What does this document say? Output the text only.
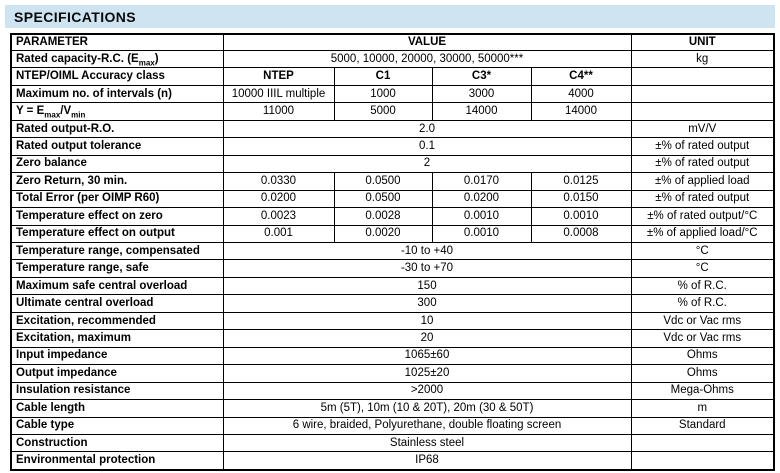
SPECIFICATIONS
PARAMETER	VALUE				UNIT
Rated capacity-R.C. $(E_{max})$	5000, 10000, 20000, 30000, 50000***				kg
NTEP/OIML Accuracy class	NTEP	C1	C3*	C4**	
Maximum no. of intervals (n)	10000 IIIL multiple	1000	3000	4000	
$Y = E_{max}/V_{min}$	11000	5000	14000	14000	
Rated output-R.O.	2.0				mV/V
Rated output tolerance	0.1				±% of rated output
Zero balance	2				±% of rated output
Zero Return, 30 min.	0.0330	0.0500	0.0170	0.0125	±% of applied load
Total Error (per OIMP R60)	0.0200	0.0500	0.0200	0.0150	±% of rated output
Temperature effect on zero	0.0023	0.0028	0.0010	0.0010	±% of rated output/°C
Temperature effect on output	0.001	0.0020	0.0010	0.0008	±% of applied load/°C
Temperature range, compensated	-10 to +40				°C
Temperature range, safe	-30 to +70				°C
Maximum safe central overload	150				% of R.C.
Ultimate central overload	300				% of R.C.
Excitation, recommended	10				Vdc or Vac rms
Excitation, maximum	20				Vdc or Vac rms
Input impedance	1065±60				Ohms
Output impedance	1025±20				Ohms
Insulation resistance	>2000				Mega-Ohms
Cable length	5m (5T), 10m (10 & 20T), 20m (30 & 50T)				m
Cable type	6 wire, braided, Polyurethane, double floating screen				Standard
Construction	Stainless steel				
Environmental protection	IP68				
